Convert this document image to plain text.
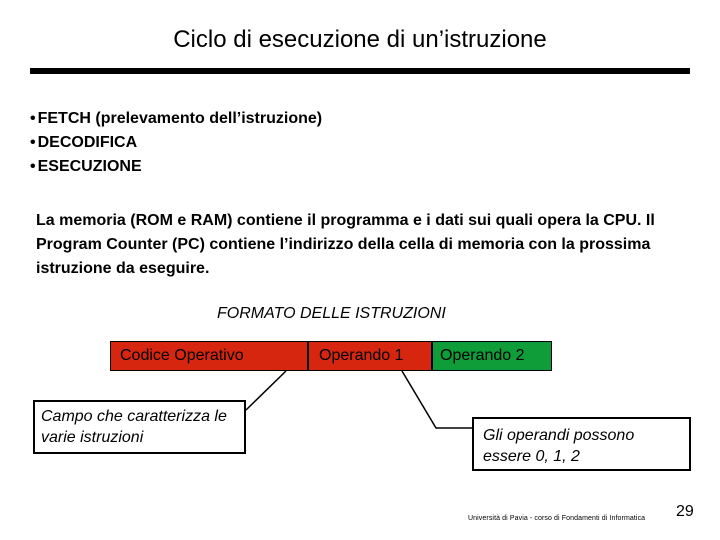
Ciclo di esecuzione di un’istruzione
• FETCH (prelevamento dell’istruzione)
• DECODIFICA
• ESECUZIONE

La memoria (ROM e RAM) contiene il programma e i dati sui quali opera la CPU. Il Program Counter (PC) contiene l’indirizzo della cella di memoria con la prossima istruzione da eseguire.

FORMATO DELLE ISTRUZIONI
Codice Operativo	Operando 1	Operando 2
Campo che caratterizza le varie istruzioni	Gli operandi possono essere 0, 1, 2
Università di Pavia - corso di Fondamenti di Informatica 29
